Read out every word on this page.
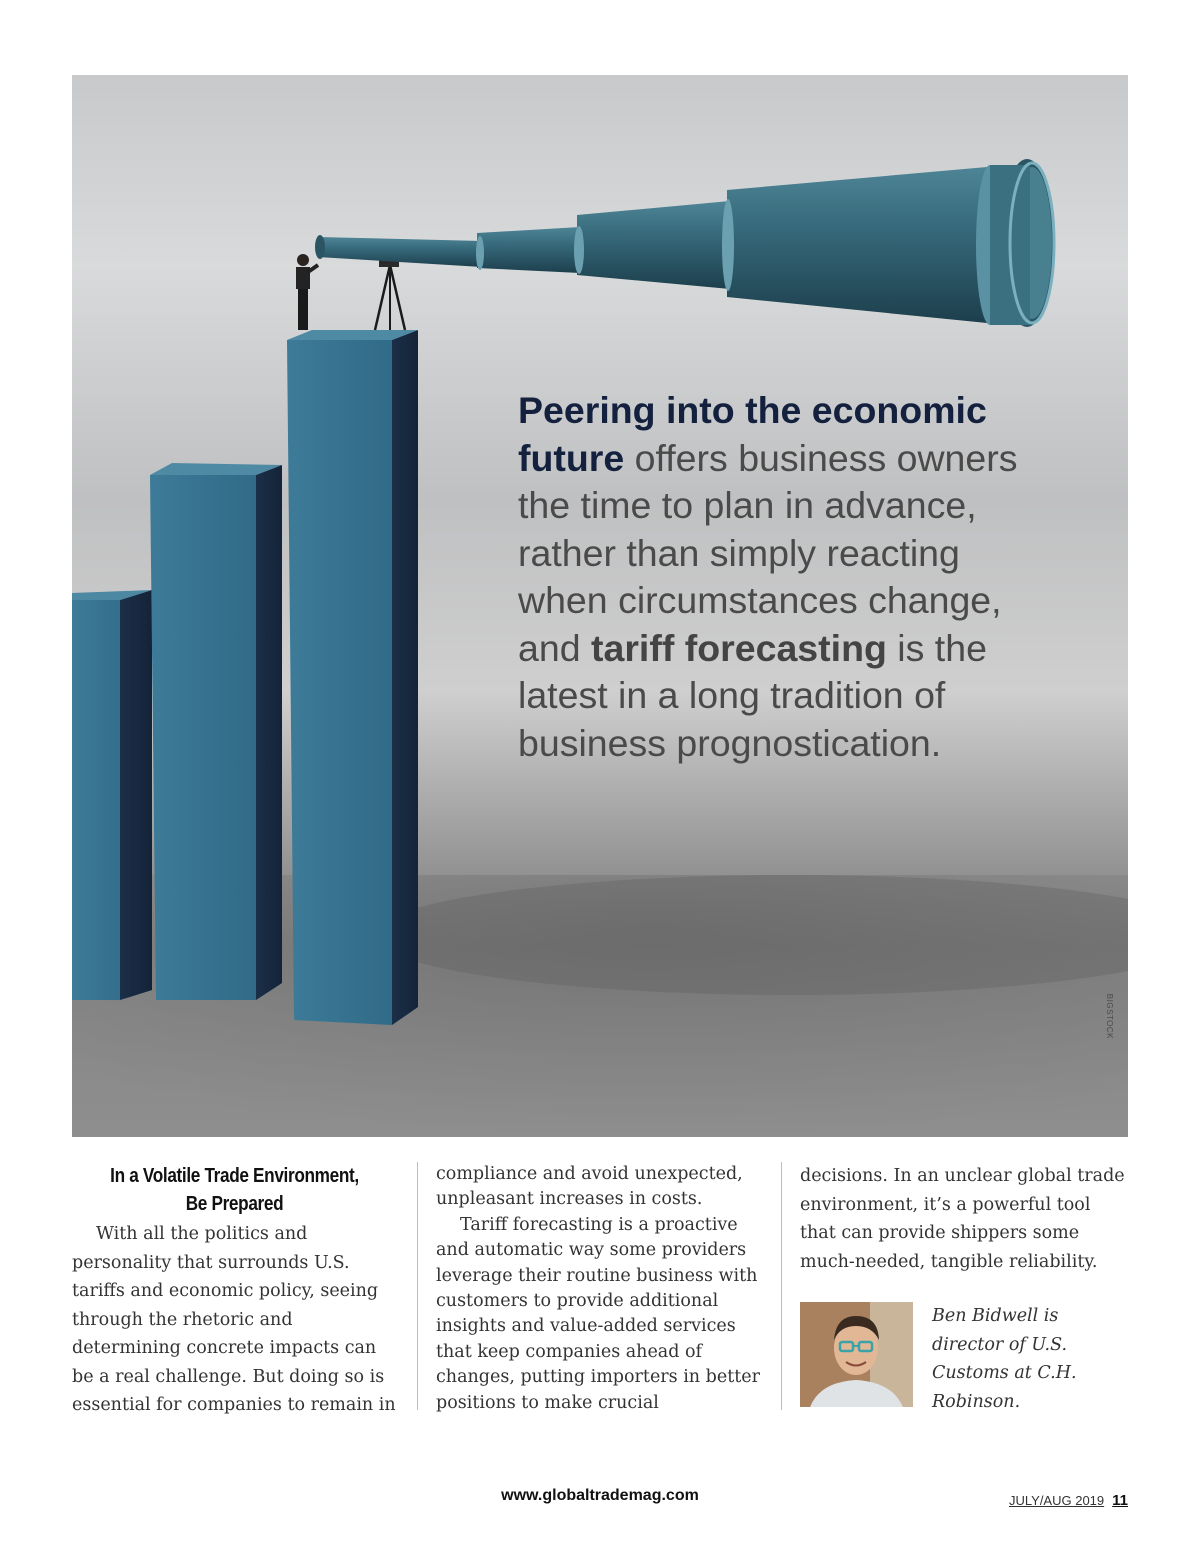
Peering into the economic future offers business owners the time to plan in advance, rather than simply reacting when circumstances change, and tariff forecasting is the latest in a long tradition of business prognostication.
BIGSTOCK
In a Volatile Trade Environment,
Be Prepared

With all the politics and personality that surrounds U.S. tariffs and economic policy, seeing through the rhetoric and determining concrete impacts can be a real challenge. But doing so is essential for companies to remain in

compliance and avoid unexpected, unpleasant increases in costs.

Tariff forecasting is a proactive and automatic way some providers leverage their routine business with customers to provide additional insights and value-added services that keep companies ahead of changes, putting importers in better positions to make crucial

decisions. In an unclear global trade environment, it’s a powerful tool that can provide shippers some much-needed, tangible reliability.

Ben Bidwell is director of U.S. Customs at C.H. Robinson.
www.globaltrademag.com	JULY/AUG 2019 11
